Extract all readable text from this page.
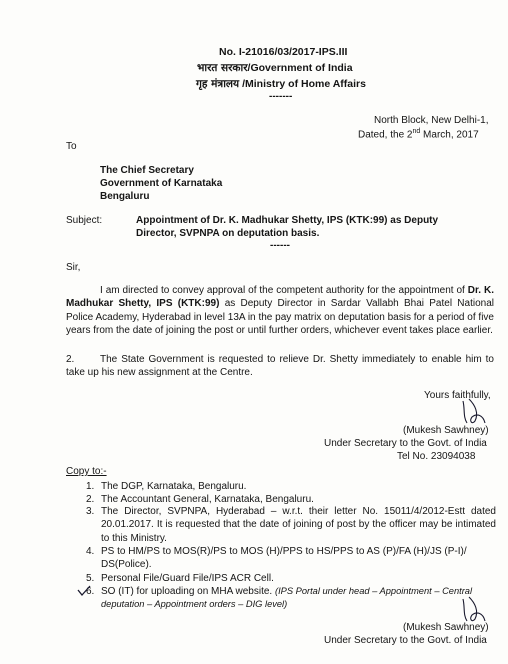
No. I-21016/03/2017-IPS.III
भारत सरकार/Government of India
गृह मंत्रालय /Ministry of Home Affairs
-------
North Block, New Delhi-1,
Dated, the 2nd March, 2017
To
The Chief Secretary
Government of Karnataka
Bengaluru
Subject:	Appointment of Dr. K. Madhukar Shetty, IPS (KTK:99) as Deputy
Director, SVPNPA on deputation basis.
------
Sir,
I am directed to convey approval of the competent authority for the appointment of Dr. K. Madhukar Shetty, IPS (KTK:99) as Deputy Director in Sardar Vallabh Bhai Patel National Police Academy, Hyderabad in level 13A in the pay matrix on deputation basis for a period of five years from the date of joining the post or until further orders, whichever event takes place earlier.
2.	The State Government is requested to relieve Dr. Shetty immediately to enable him to take up his new assignment at the Centre.
Yours faithfully,
(Mukesh Sawhney)
Under Secretary to the Govt. of India
Tel No. 23094038
Copy to:-
1. The DGP, Karnataka, Bengaluru.
2. The Accountant General, Karnataka, Bengaluru.
3. The Director, SVPNPA, Hyderabad – w.r.t. their letter No. 15011/4/2012-Estt dated 20.01.2017. It is requested that the date of joining of post by the officer may be intimated to this Ministry.
4. PS to HM/PS to MOS(R)/PS to MOS (H)/PPS to HS/PPS to AS (P)/FA (H)/JS (P-I)/ DS(Police).
5. Personal File/Guard File/IPS ACR Cell.
6. SO (IT) for uploading on MHA website. (IPS Portal under head – Appointment – Central deputation – Appointment orders – DIG level)
(Mukesh Sawhney)
Under Secretary to the Govt. of India
